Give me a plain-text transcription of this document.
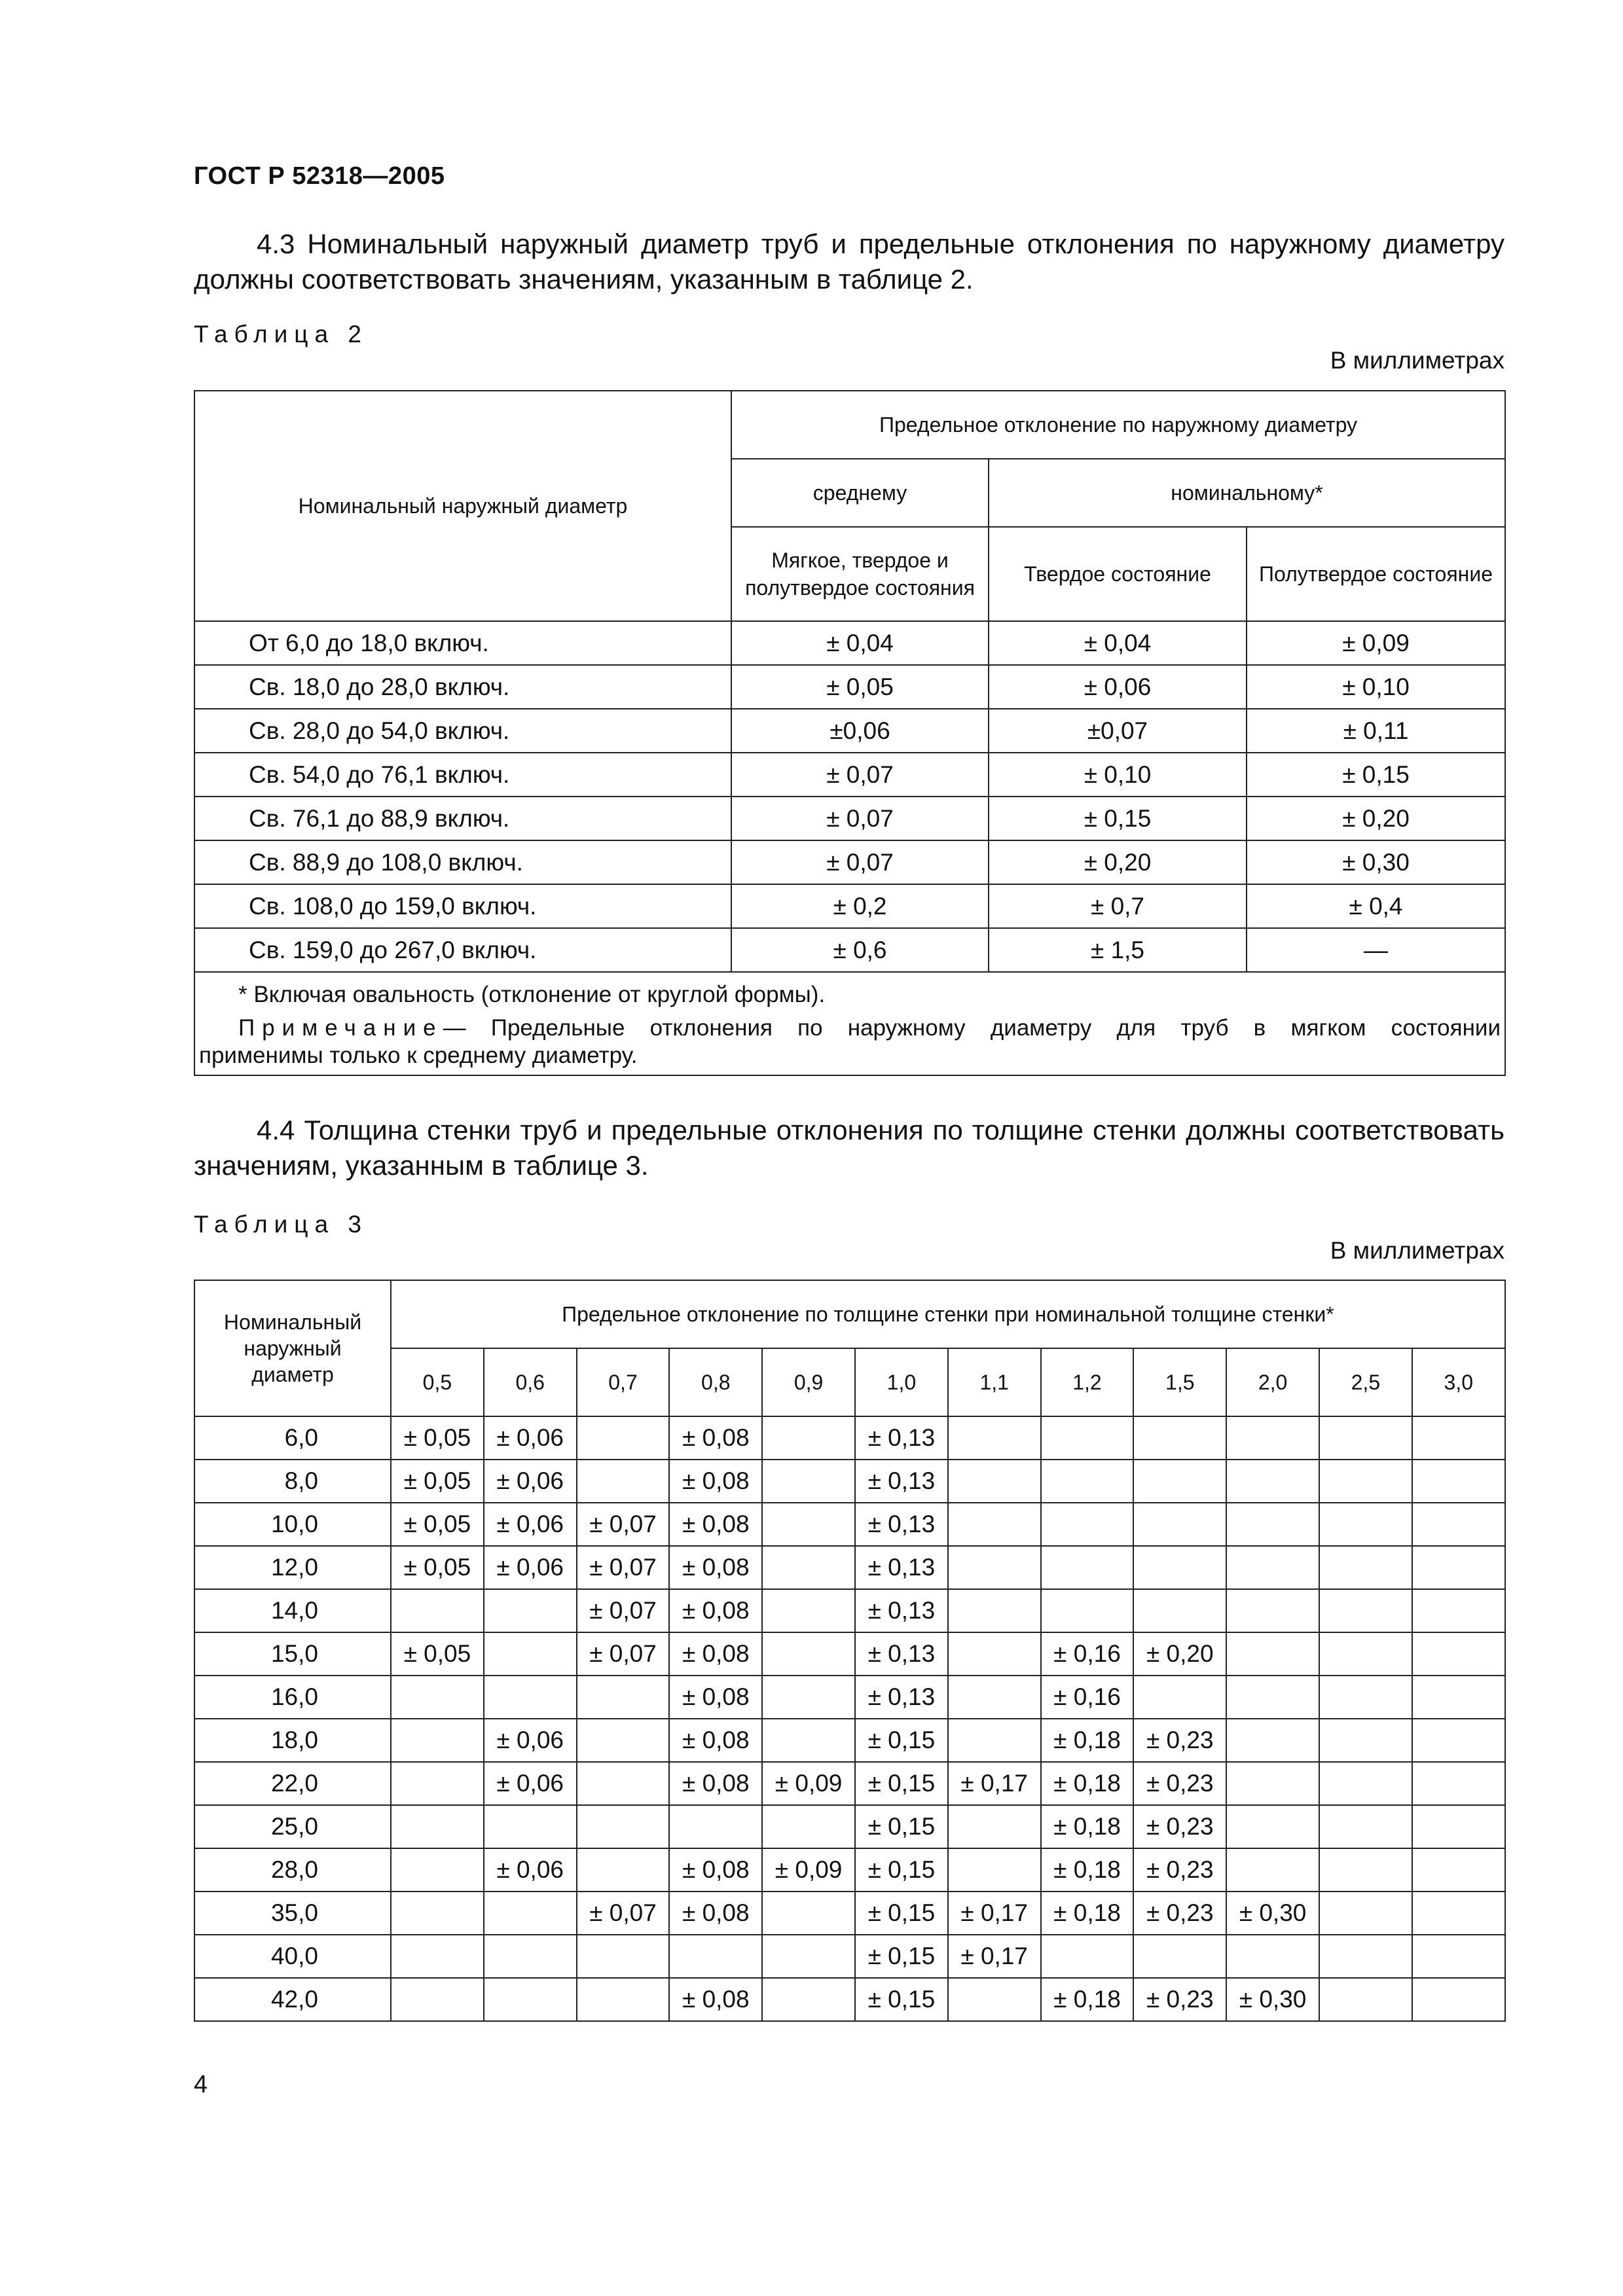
ГОСТ Р 52318—2005
4.3 Номинальный наружный диаметр труб и предельные отклонения по наружному диаметру
должны соответствовать значениям, указанным в таблице 2.
Таблица 2
В миллиметрах
Номинальный наружный диаметр	Предельное отклонение по наружному диаметру		
	среднему	номинальному*	
	Мягкое, твердое и полутвердое состояния	Твердое состояние	Полутвердое состояние
От 6,0 до 18,0 включ.	± 0,04	± 0,04	± 0,09
Св. 18,0 до 28,0 включ.	± 0,05	± 0,06	± 0,10
Св. 28,0 до 54,0 включ.	±0,06	±0,07	± 0,11
Св. 54,0 до 76,1 включ.	± 0,07	± 0,10	± 0,15
Св. 76,1 до 88,9 включ.	± 0,07	± 0,15	± 0,20
Св. 88,9 до 108,0 включ.	± 0,07	± 0,20	± 0,30
Св. 108,0 до 159,0 включ.	± 0,2	± 0,7	± 0,4
Св. 159,0 до 267,0 включ.	± 0,6	± 1,5	—

* Включая овальность (отклонение от круглой формы).
Примечание— Предельные отклонения по наружному диаметру для труб в мягком состоянии
применимы только к среднему диаметру.			
4.4 Толщина стенки труб и предельные отклонения по толщине стенки должны соответствовать
значениям, указанным в таблице 3.
Таблица 3
В миллиметрах
Номинальный наружный диаметр	Предельное отклонение по толщине стенки при номинальной толщине стенки*											
	0,5	0,6	0,7	0,8	0,9	1,0	1,1	1,2	1,5	2,0	2,5	3,0
6,0	± 0,05	± 0,06		± 0,08		± 0,13						
8,0	± 0,05	± 0,06		± 0,08		± 0,13						
10,0	± 0,05	± 0,06	± 0,07	± 0,08		± 0,13						
12,0	± 0,05	± 0,06	± 0,07	± 0,08		± 0,13						
14,0			± 0,07	± 0,08		± 0,13						
15,0	± 0,05		± 0,07	± 0,08		± 0,13		± 0,16	± 0,20			
16,0				± 0,08		± 0,13		± 0,16				
18,0		± 0,06		± 0,08		± 0,15		± 0,18	± 0,23			
22,0		± 0,06		± 0,08	± 0,09	± 0,15	± 0,17	± 0,18	± 0,23			
25,0						± 0,15		± 0,18	± 0,23			
28,0		± 0,06		± 0,08	± 0,09	± 0,15		± 0,18	± 0,23			
35,0			± 0,07	± 0,08		± 0,15	± 0,17	± 0,18	± 0,23	± 0,30		
40,0						± 0,15	± 0,17					
42,0				± 0,08		± 0,15		± 0,18	± 0,23	± 0,30		
4
